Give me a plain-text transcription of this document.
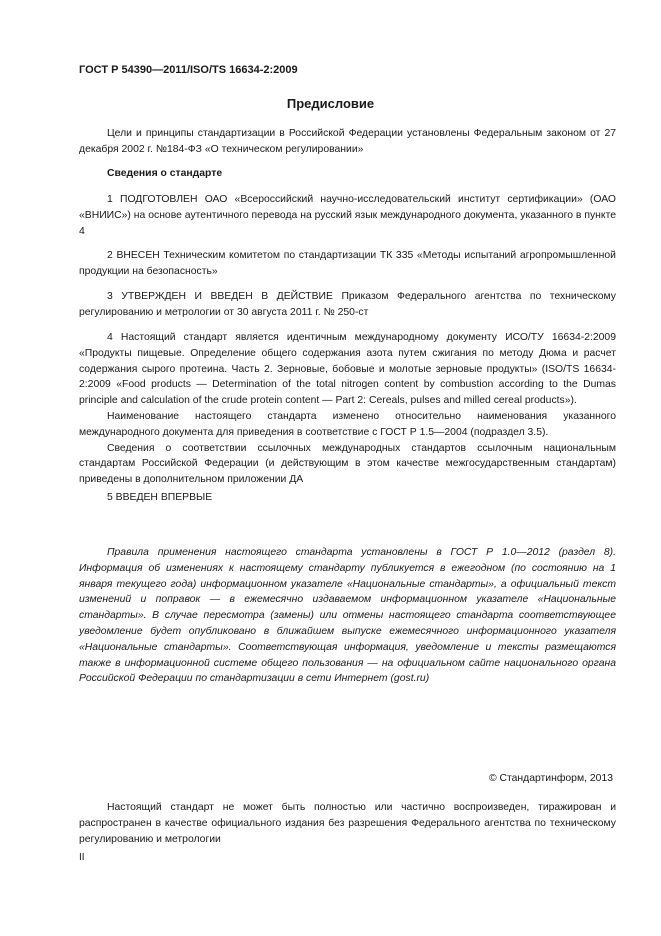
ГОСТ Р 54390—2011/ISO/TS 16634-2:2009
Предисловие

Цели и принципы стандартизации в Российской Федерации установлены Федеральным законом от 27 декабря 2002 г. №184-ФЗ «О техническом регулировании»

Сведения о стандарте

1 ПОДГОТОВЛЕН ОАО «Всероссийский научно-исследовательский институт сертификации» (ОАО «ВНИИС») на основе аутентичного перевода на русский язык международного документа, указанного в пункте 4

2 ВНЕСЕН Техническим комитетом по стандартизации ТК 335 «Методы испытаний агропромышленной продукции на безопасность»

3 УТВЕРЖДЕН И ВВЕДЕН В ДЕЙСТВИЕ Приказом Федерального агентства по техническому регулированию и метрологии от 30 августа 2011 г. № 250-ст

4 Настоящий стандарт является идентичным международному документу ИСО/ТУ 16634-2:2009 «Продукты пищевые. Определение общего содержания азота путем сжигания по методу Дюма и расчет содержания сырого протеина. Часть 2. Зерновые, бобовые и молотые зерновые продукты» (ISO/TS 16634-2:2009 «Food products — Determination of the total nitrogen content by combustion according to the Dumas principle and calculation of the crude protein content — Part 2: Cereals, pulses and milled cereal products»).

Наименование настоящего стандарта изменено относительно наименования указанного международного документа для приведения в соответствие с ГОСТ Р 1.5—2004 (подраздел 3.5).

Сведения о соответствии ссылочных международных стандартов ссылочным национальным стандартам Российской Федерации (и действующим в этом качестве межгосударственным стандартам) приведены в дополнительном приложении ДА

5 ВВЕДЕН ВПЕРВЫЕ

Правила применения настоящего стандарта установлены в ГОСТ Р 1.0—2012 (раздел 8). Информация об изменениях к настоящему стандарту публикуется в ежегодном (по состоянию на 1 января текущего года) информационном указателе «Национальные стандарты», а официальный текст изменений и поправок — в ежемесячно издаваемом информационном указателе «Национальные стандарты». В случае пересмотра (замены) или отмены настоящего стандарта соответствующее уведомление будет опубликовано в ближайшем выпуске ежемесячного информационного указателя «Национальные стандарты». Соответствующая информация, уведомление и тексты размещаются также в информационной системе общего пользования — на официальном сайте национального органа Российской Федерации по стандартизации в сети Интернет (gost.ru)

© Стандартинформ, 2013

Настоящий стандарт не может быть полностью или частично воспроизведен, тиражирован и распространен в качестве официального издания без разрешения Федерального агентства по техническому регулированию и метрологии

II
